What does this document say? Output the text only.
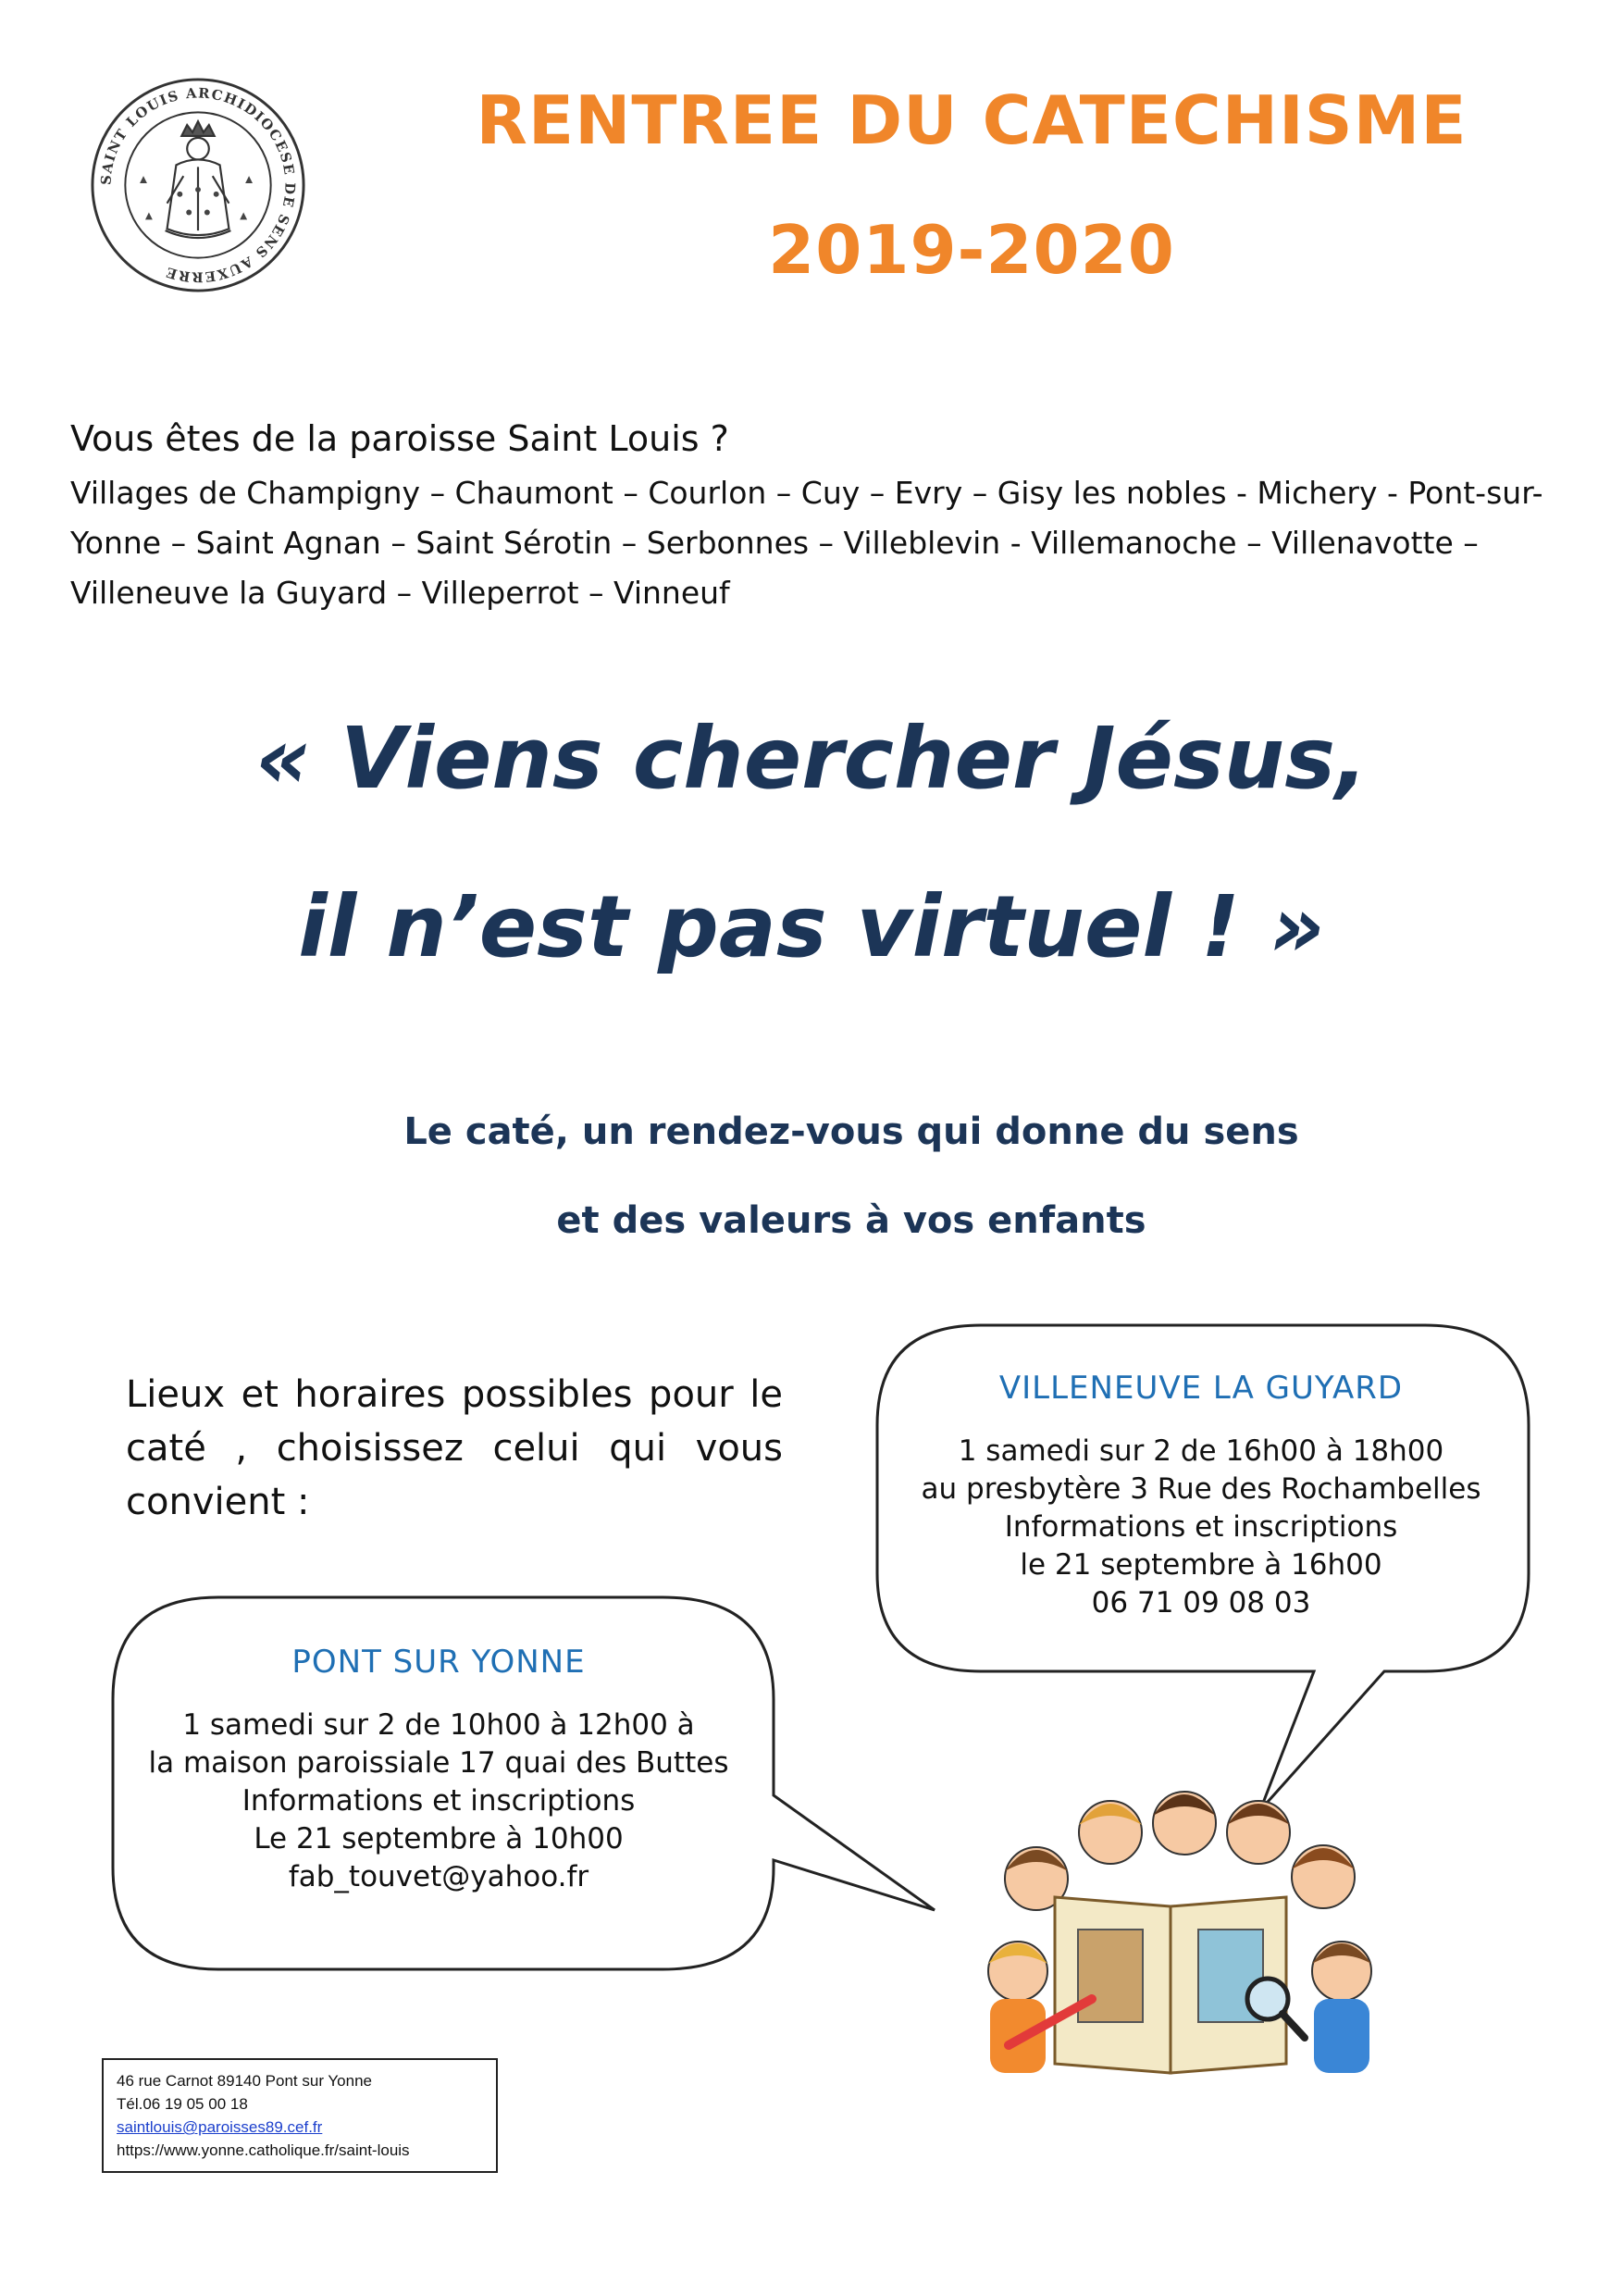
SAINT LOUIS ARCHIDIOCESE DE SENS AUXERRE
RENTREE DU CATECHISME
2019-2020
Vous êtes de la paroisse Saint Louis ?
Villages de Champigny – Chaumont – Courlon – Cuy – Evry – Gisy les nobles - Michery - Pont-sur-Yonne – Saint Agnan – Saint Sérotin – Serbonnes – Villeblevin - Villemanoche – Villenavotte – Villeneuve la Guyard – Villeperrot – Vinneuf
« Viens chercher Jésus,
il n’est pas virtuel ! »
Le caté, un rendez-vous qui donne du sens
et des valeurs à vos enfants
Lieux et horaires possibles pour le caté , choisissez celui qui vous convient :
VILLENEUVE LA GUYARD
1 samedi sur 2 de 16h00 à 18h00
au presbytère 3 Rue des Rochambelles
Informations et inscriptions
le 21 septembre à 16h00
06 71 09 08 03
PONT SUR YONNE
1 samedi sur 2 de 10h00 à 12h00 à
la maison paroissiale 17 quai des Buttes
Informations et inscriptions
Le 21 septembre à 10h00
fab_touvet@yahoo.fr
46 rue Carnot 89140 Pont sur Yonne
Tél.06 19 05 00 18
saintlouis@paroisses89.cef.fr
https://www.yonne.catholique.fr/saint-louis
